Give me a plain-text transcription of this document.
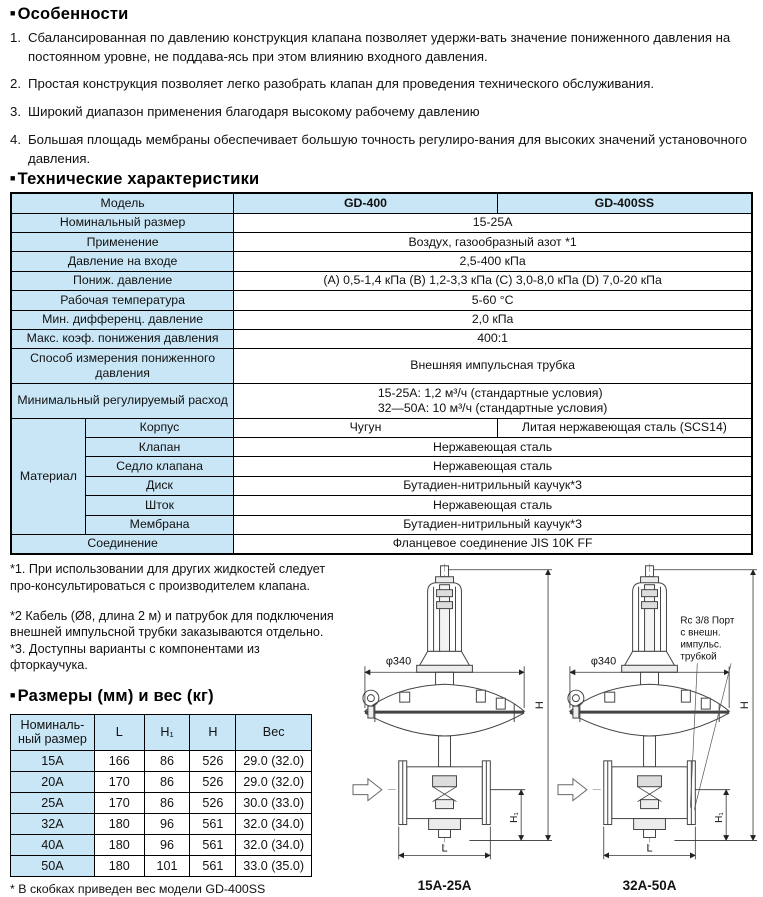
■ Особенности
1. Сбалансированная по давлению конструкция клапана позволяет удержи-вать значение пониженного давления на постоянном уровне, не поддава-ясь при этом влиянию входного давления.
2. Простая конструкция позволяет легко разобрать клапан для проведения технического обслуживания.
3. Широкий диапазон применения благодаря высокому рабочему давлению
4. Большая площадь мембраны обеспечивает большую точность регулиро-вания для высоких значений установочного давления.
■ Технические характеристики
Модель		GD-400	GD-400SS
Номинальный размер		15-25A	
Применение		Воздух, газообразный азот *1	
Давление на входе		2,5-400 кПа	
Пониж. давление		(A) 0,5-1,4 кПа (B) 1,2-3,3 кПа (C) 3,0-8,0 кПа (D) 7,0-20 кПа	
Рабочая температура		5-60 °C	
Мин. дифференц. давление		2,0 кПа	
Макс. коэф. понижения давления		400:1	
Способ измерения пониженного давления		Внешняя импульсная трубка	
Минимальный регулируемый расход		15-25A: 1,2 м³/ч (стандартные условия)
32—50A: 10 м³/ч (стандартные условия)	

Материал	Корпус	Чугун	Литая нержавеющая сталь (SCS14)
	Клапан	Нержавеющая сталь	
	Седло клапана	Нержавеющая сталь	
	Диск	Бутадиен-нитрильный каучук*3	
	Шток	Нержавеющая сталь	
	Мембрана	Бутадиен-нитрильный каучук*3	
Соединение		Фланцевое соединение JIS 10K FF	

*1. При использовании для других жидкостей следует про-консультироваться с производителем клапана.

*2 Кабель (Ø8, длина 2 м) и патрубок для подключения внешней импульсной трубки заказываются отдельно.

*3. Доступны варианты с компонентами из фторкаучука.

■ Размеры (мм) и вес (кг)
Номиналь-ный размер	L	H₁	H	Вес
15A	166	86	526	29.0 (32.0)
20A	170	86	526	29.0 (32.0)
25A	170	86	526	30.0 (33.0)
32A	180	96	561	32.0 (34.0)
40A	180	96	561	32.0 (34.0)
50A	180	101	561	33.0 (35.0)
* В скобках приведен вес модели GD-400SS
φ340
H
H₁
L
15A-25A
Rc 3/8 Порт
с внешн.
импульс.
трубкой
φ340
H
H₁
L
32A-50A
